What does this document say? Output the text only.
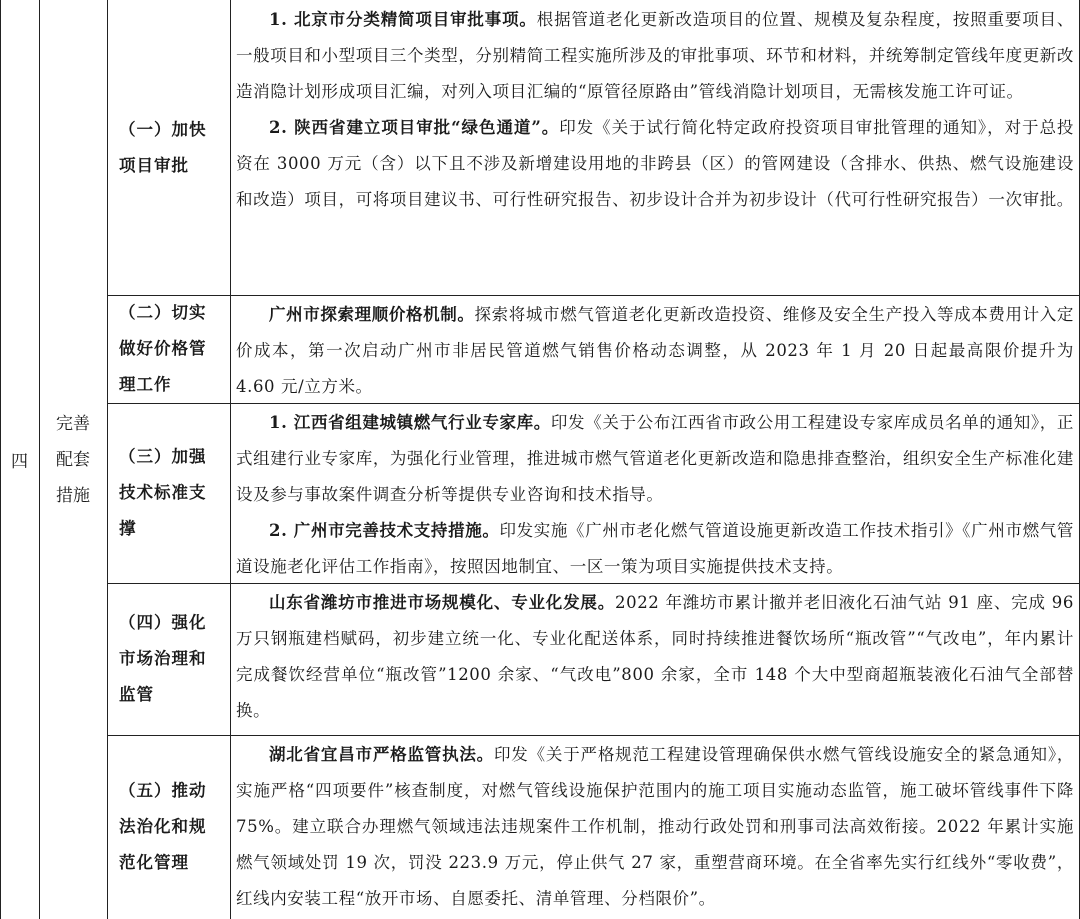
四
完善
配套
措施
（一）加快
项目审批

1. 北京市分类精简项目审批事项。根据管道老化更新改造项目的位置、规模及复杂程度，按照重要项目、一般项目和小型项目三个类型，分别精简工程实施所涉及的审批事项、环节和材料，并统筹制定管线年度更新改造消隐计划形成项目汇编，对列入项目汇编的“原管径原路由”管线消隐计划项目，无需核发施工许可证。

2. 陕西省建立项目审批“绿色通道”。印发《关于试行简化特定政府投资项目审批管理的通知》，对于总投资在 3000 万元（含）以下且不涉及新增建设用地的非跨县（区）的管网建设（含排水、供热、燃气设施建设和改造）项目，可将项目建议书、可行性研究报告、初步设计合并为初步设计（代可行性研究报告）一次审批。

（二）切实
做好价格管
理工作

广州市探索理顺价格机制。探索将城市燃气管道老化更新改造投资、维修及安全生产投入等成本费用计入定价成本，第一次启动广州市非居民管道燃气销售价格动态调整，从 2023 年 1 月 20 日起最高限价提升为 4.60 元/立方米。

（三）加强
技术标准支
撑

1. 江西省组建城镇燃气行业专家库。印发《关于公布江西省市政公用工程建设专家库成员名单的通知》，正式组建行业专家库，为强化行业管理，推进城市燃气管道老化更新改造和隐患排查整治，组织安全生产标准化建设及参与事故案件调查分析等提供专业咨询和技术指导。

2. 广州市完善技术支持措施。印发实施《广州市老化燃气管道设施更新改造工作技术指引》《广州市燃气管道设施老化评估工作指南》，按照因地制宜、一区一策为项目实施提供技术支持。

（四）强化
市场治理和
监管

山东省潍坊市推进市场规模化、专业化发展。2022 年潍坊市累计撤并老旧液化石油气站 91 座、完成 96 万只钢瓶建档赋码，初步建立统一化、专业化配送体系，同时持续推进餐饮场所“瓶改管”“气改电”，年内累计完成餐饮经营单位“瓶改管”1200 余家、“气改电”800 余家，全市 148 个大中型商超瓶装液化石油气全部替换。

（五）推动
法治化和规
范化管理

湖北省宜昌市严格监管执法。印发《关于严格规范工程建设管理确保供水燃气管线设施安全的紧急通知》，实施严格“四项要件”核查制度，对燃气管线设施保护范围内的施工项目实施动态监管，施工破坏管线事件下降 75%。建立联合办理燃气领域违法违规案件工作机制，推动行政处罚和刑事司法高效衔接。2022 年累计实施燃气领域处罚 19 次，罚没 223.9 万元，停止供气 27 家，重塑营商环境。在全省率先实行红线外“零收费”，红线内安装工程“放开市场、自愿委托、清单管理、分档限价”。
